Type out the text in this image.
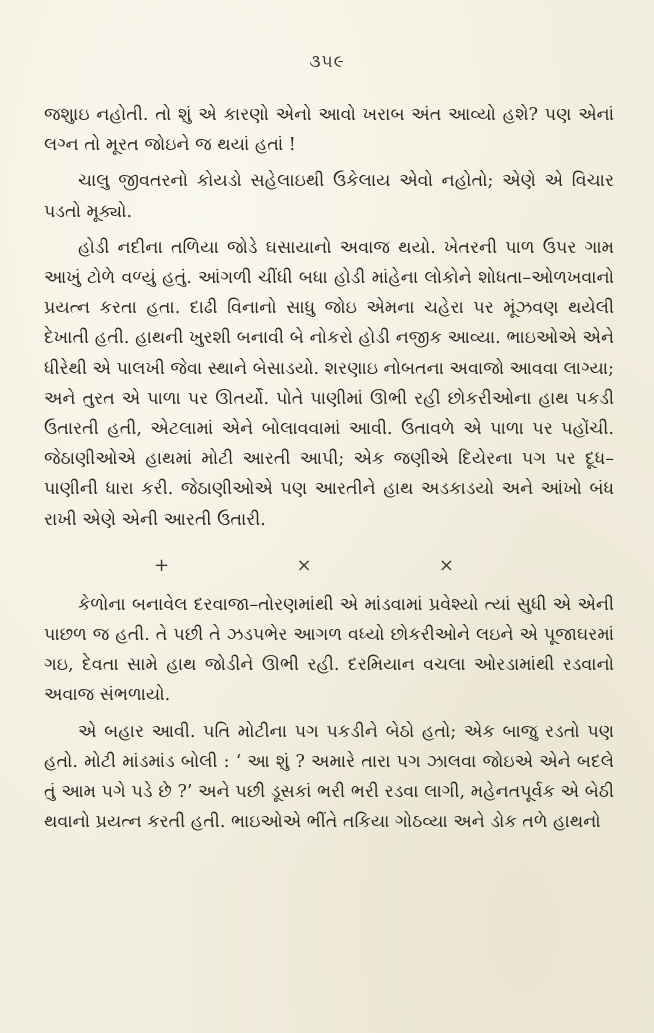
૩૫૯

જશુાઇ નહોતી. તો શું એ કારણો એનો આવો ખરાબ અંત આવ્યો હશે? પણ એનાં લગ્ન તો મૂરત જોઇને જ થયાં હતાં !

ચાલુ જીવતરનો કોયડો સહેલાઇથી ઉકેલાય એવો નહોતો; એણે એ વિચાર પડતો મૂક્યો.

હોડી નદીના તળિયા જોડે ઘસાયાનો અવાજ થયો. ખેતરની પાળ ઉપર ગામ આખું ટોળે વળ્યું હતું. આંગળી ચીંધી બધા હોડી માંહેના લોકોને શોધતા–ઓળખવાનો પ્રયત્ન કરતા હતા. દાઢી વિનાનો સાધુ જોઇ એમના ચહેરા પર મૂંઝવણ થયેલી દેખાતી હતી. હાથની ખુરશી બનાવી બે નોકરો હોડી નજીક આવ્યા. ભાઇઓએ એને ધીરેથી એ પાલખી જેવા સ્થાને બેસાડયો. શરણાઇ નોબતના અવાજો આવવા લાગ્યા; અને તુરત એ પાળા પર ઊતર્યો. પોતે પાણીમાં ઊભી રહી છોકરીઓના હાથ પકડી ઉતારતી હતી, એટલામાં એને બોલાવવામાં આવી. ઉતાવળે એ પાળા પર પહોંચી. જેઠાણીઓએ હાથમાં મોટી આરતી આપી; એક જણીએ દિયેરના પગ પર દૂધ–પાણીની ધારા કરી. જેઠાણીઓએ પણ આરતીને હાથ અડકાડયો અને આંખો બંધ રાખી એણે એની આરતી ઉતારી.

+	×	×

કેળોના બનાવેલ દરવાજા–તોરણમાંથી એ માંડવામાં પ્રવેશ્યો ત્યાં સુધી એ એની પાછળ જ હતી. તે પછી તે ઝડપભેર આગળ વધ્યો છોકરીઓને લઇને એ પૂજાઘરમાં ગઇ, દેવતા સામે હાથ જોડીને ઊભી રહી. દરમિયાન વચલા ઓરડામાંથી રડવાનો અવાજ સંભળાયો.

એ બહાર આવી. પતિ મોટીના પગ પકડીને બેઠો હતો; એક બાજુ રડતો પણ હતો. મોટી માંડમાંડ બોલી : ‘ આ શું ? અમારે તારા પગ ઝાલવા જોઇએ એને બદલે તું આમ પગે પડે છે ?’ અને પછી ડૂસકાં ભરી ભરી રડવા લાગી, મહેનતપૂર્વક એ બેઠી થવાનો પ્રયત્ન કરતી હતી. ભાઇઓએ ભીંતે તકિયા ગોઠવ્યા અને ડોક તળે હાથનો
